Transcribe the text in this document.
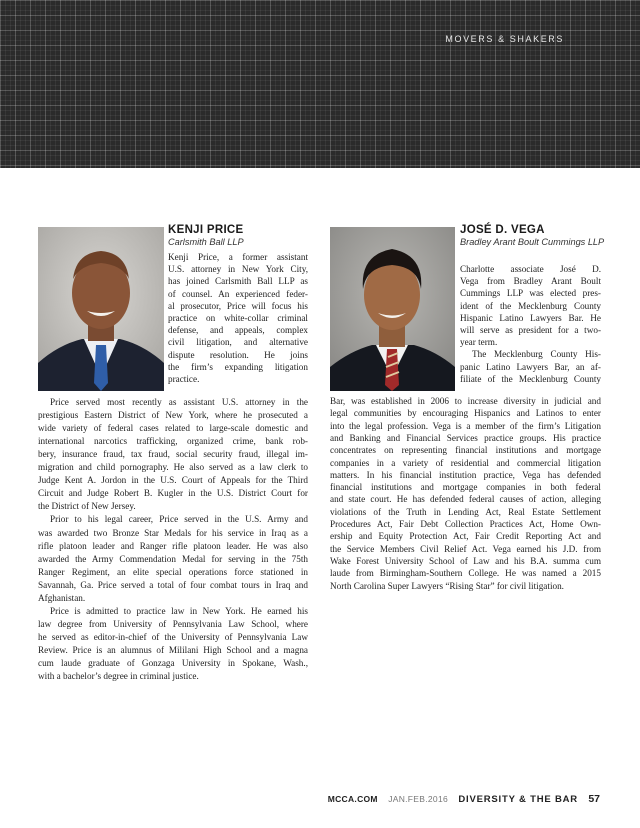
MOVERS & SHAKERS
KENJI PRICE
Carlsmith Ball LLP
Kenji Price, a former assistant
U.S. attorney in New York City,
has joined Carlsmith Ball LLP as
of counsel. An experienced feder-
al prosecutor, Price will focus his
practice on white-collar criminal
defense, and appeals, complex
civil litigation, and alternative
dispute resolution. He joins
the firm’s expanding litigation
practice.
Price served most recently as assistant U.S. attorney in the
prestigious Eastern District of New York, where he prosecuted a
wide variety of federal cases related to large-scale domestic and
international narcotics trafficking, organized crime, bank rob-
bery, insurance fraud, tax fraud, social security fraud, illegal im-
migration and child pornography. He also served as a law clerk to
Judge Kent A. Jordon in the U.S. Court of Appeals for the Third
Circuit and Judge Robert B. Kugler in the U.S. District Court for
the District of New Jersey.
Prior to his legal career, Price served in the U.S. Army and
was awarded two Bronze Star Medals for his service in Iraq as a
rifle platoon leader and Ranger rifle platoon leader. He was also
awarded the Army Commendation Medal for serving in the 75th
Ranger Regiment, an elite special operations force stationed in
Savannah, Ga. Price served a total of four combat tours in Iraq and
Afghanistan.
Price is admitted to practice law in New York. He earned his
law degree from University of Pennsylvania Law School, where
he served as editor-in-chief of the University of Pennsylvania Law
Review. Price is an alumnus of Mililani High School and a magna
cum laude graduate of Gonzaga University in Spokane, Wash.,
with a bachelor’s degree in criminal justice.
JOSÉ D. VEGA
Bradley Arant Boult Cummings LLP
Charlotte associate José D.
Vega from Bradley Arant Boult
Cummings LLP was elected pres-
ident of the Mecklenburg County
Hispanic Latino Lawyers Bar. He
will serve as president for a two-
year term.
The Mecklenburg County His-
panic Latino Lawyers Bar, an af-
filiate of the Mecklenburg County
Bar, was established in 2006 to increase diversity in judicial and
legal communities by encouraging Hispanics and Latinos to enter
into the legal profession. Vega is a member of the firm’s Litigation
and Banking and Financial Services practice groups. His practice
concentrates on representing financial institutions and mortgage
companies in a variety of residential and commercial litigation
matters. In his financial institution practice, Vega has defended
financial institutions and mortgage companies in both federal
and state court. He has defended federal causes of action, alleging
violations of the Truth in Lending Act, Real Estate Settlement
Procedures Act, Fair Debt Collection Practices Act, Home Own-
ership and Equity Protection Act, Fair Credit Reporting Act and
the Service Members Civil Relief Act. Vega earned his J.D. from
Wake Forest University School of Law and his B.A. summa cum
laude from Birmingham-Southern College. He was named a 2015
North Carolina Super Lawyers “Rising Star” for civil litigation.
MCCA.COM JAN.FEB.2016 DIVERSITY & THE BAR 57
